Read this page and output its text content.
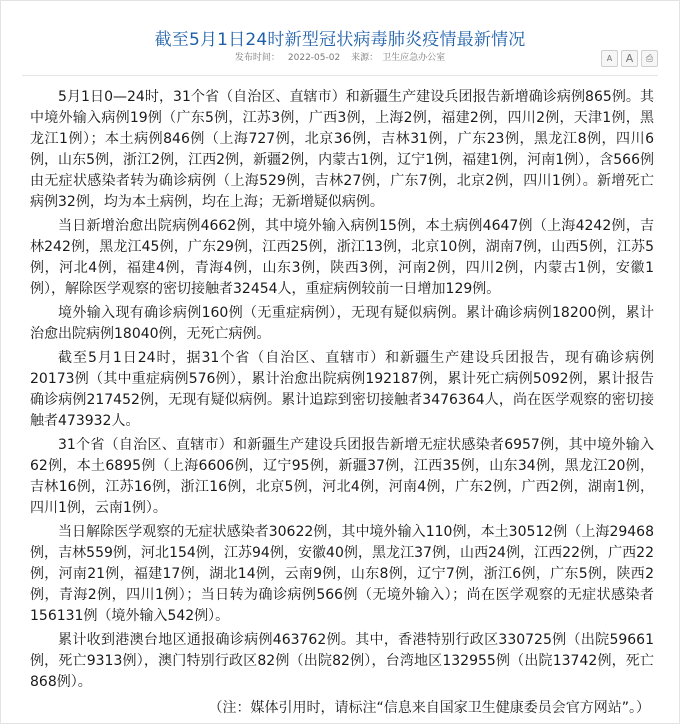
截至5月1日24时新型冠状病毒肺炎疫情最新情况
发布时间： 2022-05-02 来源： 卫生应急办公室	A A ⎙

5月1日0—24时，31个省（自治区、直辖市）和新疆生产建设兵团报告新增确诊病例865例。其中境外输入病例19例（广东5例，江苏3例，广西3例，上海2例，福建2例，四川2例，天津1例，黑龙江1例）；本土病例846例（上海727例，北京36例，吉林31例，广东23例，黑龙江8例，四川6例，山东5例，浙江2例，江西2例，新疆2例，内蒙古1例，辽宁1例，福建1例，河南1例），含566例由无症状感染者转为确诊病例（上海529例，吉林27例，广东7例，北京2例，四川1例）。新增死亡病例32例，均为本土病例，均在上海；无新增疑似病例。

当日新增治愈出院病例4662例，其中境外输入病例15例，本土病例4647例（上海4242例，吉林242例，黑龙江45例，广东29例，江西25例，浙江13例，北京10例，湖南7例，山西5例，江苏5例，河北4例，福建4例，青海4例，山东3例，陕西3例，河南2例，四川2例，内蒙古1例，安徽1例），解除医学观察的密切接触者32454人，重症病例较前一日增加129例。

境外输入现有确诊病例160例（无重症病例），无现有疑似病例。累计确诊病例18200例，累计治愈出院病例18040例，无死亡病例。

截至5月1日24时，据31个省（自治区、直辖市）和新疆生产建设兵团报告，现有确诊病例20173例（其中重症病例576例），累计治愈出院病例192187例，累计死亡病例5092例，累计报告确诊病例217452例，无现有疑似病例。累计追踪到密切接触者3476364人，尚在医学观察的密切接触者473932人。

31个省（自治区、直辖市）和新疆生产建设兵团报告新增无症状感染者6957例，其中境外输入62例，本土6895例（上海6606例，辽宁95例，新疆37例，江西35例，山东34例，黑龙江20例，吉林16例，江苏16例，浙江16例，北京5例，河北4例，河南4例，广东2例，广西2例，湖南1例，四川1例，云南1例）。

当日解除医学观察的无症状感染者30622例，其中境外输入110例，本土30512例（上海29468例，吉林559例，河北154例，江苏94例，安徽40例，黑龙江37例，山西24例，江西22例，广西22例，河南21例，福建17例，湖北14例，云南9例，山东8例，辽宁7例，浙江6例，广东5例，陕西2例，青海2例，四川1例）；当日转为确诊病例566例（无境外输入）；尚在医学观察的无症状感染者156131例（境外输入542例）。

累计收到港澳台地区通报确诊病例463762例。其中，香港特别行政区330725例（出院59661例，死亡9313例），澳门特别行政区82例（出院82例），台湾地区132955例（出院13742例，死亡868例）。

（注：媒体引用时，请标注“信息来自国家卫生健康委员会官方网站”。）
